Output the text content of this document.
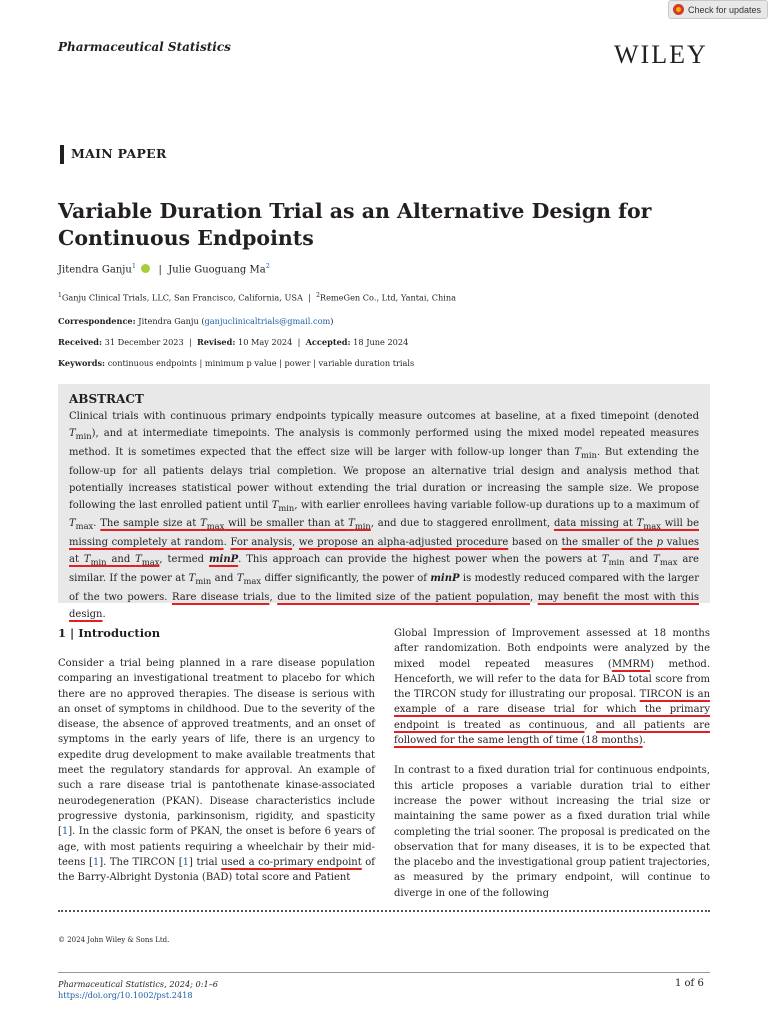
Pharmaceutical Statistics	WILEY
Check for updates
MAIN PAPER
Variable Duration Trial as an Alternative Design for Continuous Endpoints
Jitendra Ganju$^1$ | Julie Guoguang Ma$^2$
$^1$Ganju Clinical Trials, LLC, San Francisco, California, USA | $^2$RemeGen Co., Ltd, Yantai, China
Correspondence: Jitendra Ganju (ganjuclinicaltrials@gmail.com)
Received: 31 December 2023 | Revised: 10 May 2024 | Accepted: 18 June 2024
Keywords: continuous endpoints | minimum p value | power | variable duration trials
ABSTRACT

Clinical trials with continuous primary endpoints typically measure outcomes at baseline, at a fixed timepoint (denoted $T_{min}$), and at intermediate timepoints. The analysis is commonly performed using the mixed model repeated measures method. It is sometimes expected that the effect size will be larger with follow-up longer than $T_{min}$. But extending the follow-up for all patients delays trial completion. We propose an alternative trial design and analysis method that potentially increases statistical power without extending the trial duration or increasing the sample size. We propose following the last enrolled patient until $T_{min}$, with earlier enrollees having variable follow-up durations up to a maximum of $T_{max}$. The sample size at $T_{max}$ will be smaller than at $T_{min}$, and due to staggered enrollment, data missing at $T_{max}$ will be missing completely at random. For analysis, we propose an alpha-adjusted procedure based on the smaller of the p values at $T_{min}$ and $T_{max}$, termed minP. This approach can provide the highest power when the powers at $T_{min}$ and $T_{max}$ are similar. If the power at $T_{min}$ and $T_{max}$ differ significantly, the power of minP is modestly reduced compared with the larger of the two powers. Rare disease trials, due to the limited size of the patient population, may benefit the most with this design.

1 | Introduction

Consider a trial being planned in a rare disease population comparing an investigational treatment to placebo for which there are no approved therapies. The disease is serious with an onset of symptoms in childhood. Due to the severity of the disease, the absence of approved treatments, and an onset of symptoms in the early years of life, there is an urgency to expedite drug development to make available treatments that meet the regulatory standards for approval. An example of such a rare disease trial is pantothenate kinase-associated neurodegeneration (PKAN). Disease characteristics include progressive dystonia, parkinsonism, rigidity, and spasticity [1]. In the classic form of PKAN, the onset is before 6 years of age, with most patients requiring a wheelchair by their mid-teens [1]. The TIRCON [1] trial used a co-primary endpoint of the Barry-Albright Dystonia (BAD) total score and Patient

Global Impression of Improvement assessed at 18 months after randomization. Both endpoints were analyzed by the mixed model repeated measures (MMRM) method. Henceforth, we will refer to the data for BAD total score from the TIRCON study for illustrating our proposal. TIRCON is an example of a rare disease trial for which the primary endpoint is treated as continuous, and all patients are followed for the same length of time (18 months).

In contrast to a fixed duration trial for continuous endpoints, this article proposes a variable duration trial to either increase the power without increasing the trial size or maintaining the same power as a fixed duration trial while completing the trial sooner. The proposal is predicated on the observation that for many diseases, it is to be expected that the placebo and the investigational group patient trajectories, as measured by the primary endpoint, will continue to diverge in one of the following

© 2024 John Wiley & Sons Ltd.
Pharmaceutical Statistics, 2024; 0:1–6
https://doi.org/10.1002/pst.2418
1 of 6
